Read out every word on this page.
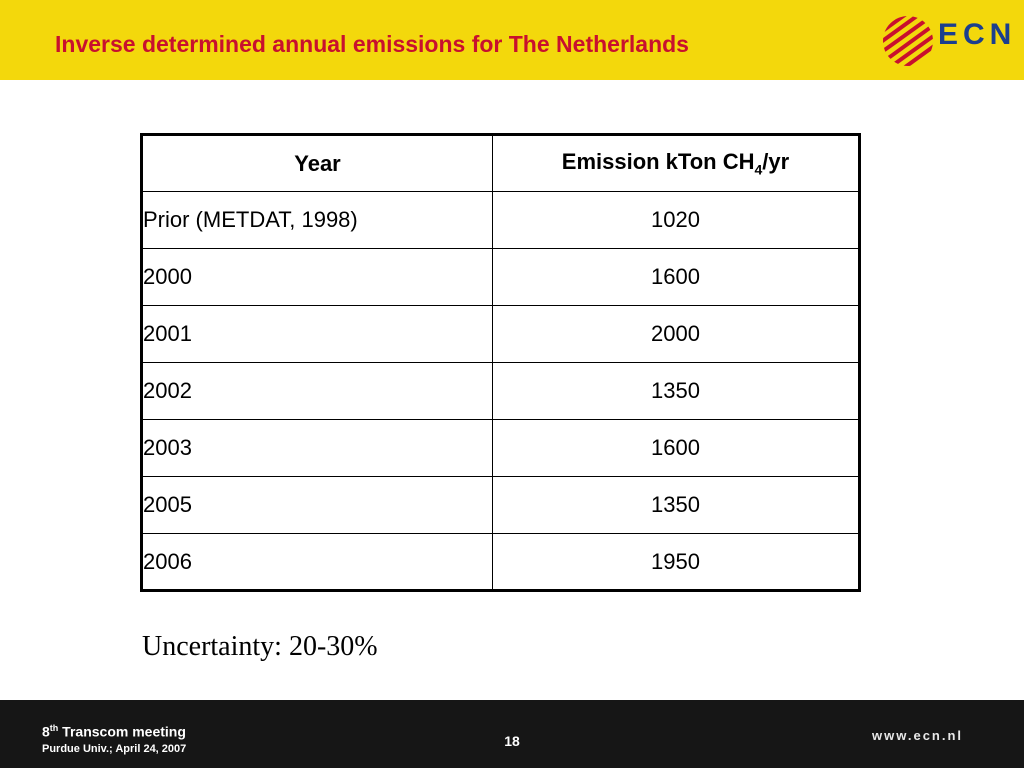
Inverse determined annual emissions for The Netherlands	ECN
Year	Emission kTon $CH_4/yr$
Prior (METDAT, 1998)	1020
2000	1600
2001	2000
2002	1350
2003	1600
2005	1350
2006	1950

Uncertainty: 20-30%

8th Transcom meeting
Purdue Univ.; April 24, 2007	18	www.ecn.nl
